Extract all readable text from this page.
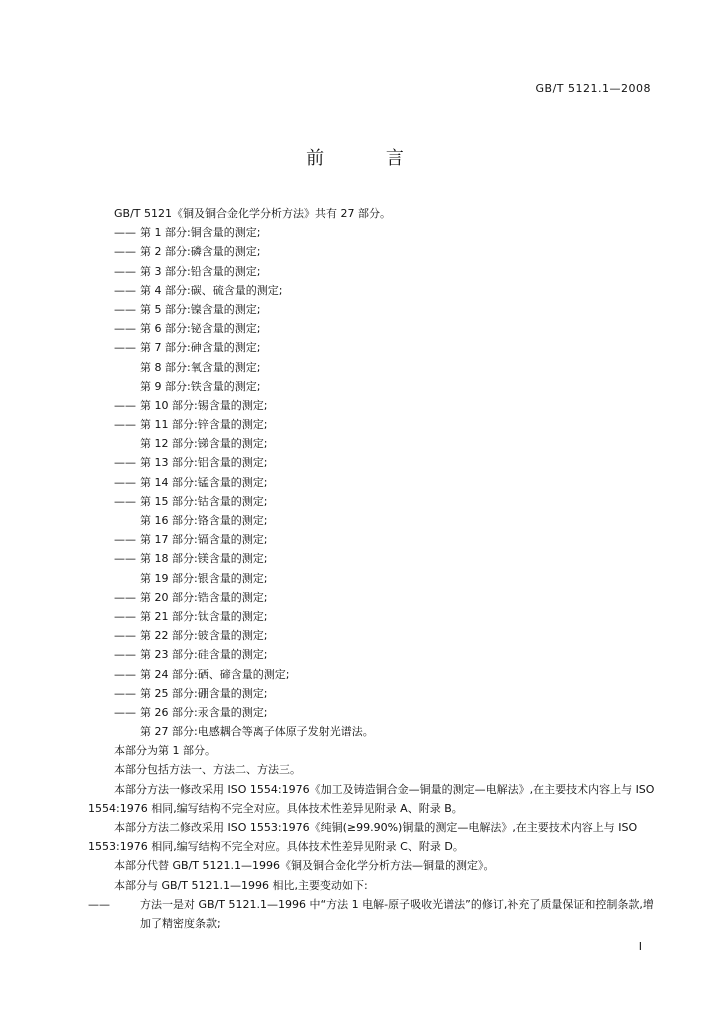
GB/T 5121.1—2008
前 言
GB/T 5121《铜及铜合金化学分析方法》共有 27 部分。
—— 第 1 部分:铜含量的测定;
—— 第 2 部分:磷含量的测定;
—— 第 3 部分:铅含量的测定;
—— 第 4 部分:碳、硫含量的测定;
—— 第 5 部分:镍含量的测定;
—— 第 6 部分:铋含量的测定;
—— 第 7 部分:砷含量的测定;
第 8 部分:氧含量的测定;
第 9 部分:铁含量的测定;
—— 第 10 部分:锡含量的测定;
—— 第 11 部分:锌含量的测定;
第 12 部分:锑含量的测定;
—— 第 13 部分:铝含量的测定;
—— 第 14 部分:锰含量的测定;
—— 第 15 部分:钴含量的测定;
第 16 部分:铬含量的测定;
—— 第 17 部分:镉含量的测定;
—— 第 18 部分:镁含量的测定;
第 19 部分:银含量的测定;
—— 第 20 部分:锆含量的测定;
—— 第 21 部分:钛含量的测定;
—— 第 22 部分:铍含量的测定;
—— 第 23 部分:硅含量的测定;
—— 第 24 部分:硒、碲含量的测定;
—— 第 25 部分:硼含量的测定;
—— 第 26 部分:汞含量的测定;
第 27 部分:电感耦合等离子体原子发射光谱法。
本部分为第 1 部分。
本部分包括方法一、方法二、方法三。
本部分方法一修改采用 ISO 1554:1976《加工及铸造铜合金—铜量的测定—电解法》,在主要技术内容上与 ISO 1554:1976 相同,编写结构不完全对应。具体技术性差异见附录 A、附录 B。
本部分方法二修改采用 ISO 1553:1976《纯铜(≥99.90%)铜量的测定—电解法》,在主要技术内容上与 ISO 1553:1976 相同,编写结构不完全对应。具体技术性差异见附录 C、附录 D。
本部分代替 GB/T 5121.1—1996《铜及铜合金化学分析方法—铜量的测定》。
本部分与 GB/T 5121.1—1996 相比,主要变动如下:
——	方法一是对 GB/T 5121.1—1996 中“方法 1 电解-原子吸收光谱法”的修订,补充了质量保证和控制条款,增加了精密度条款;
I
